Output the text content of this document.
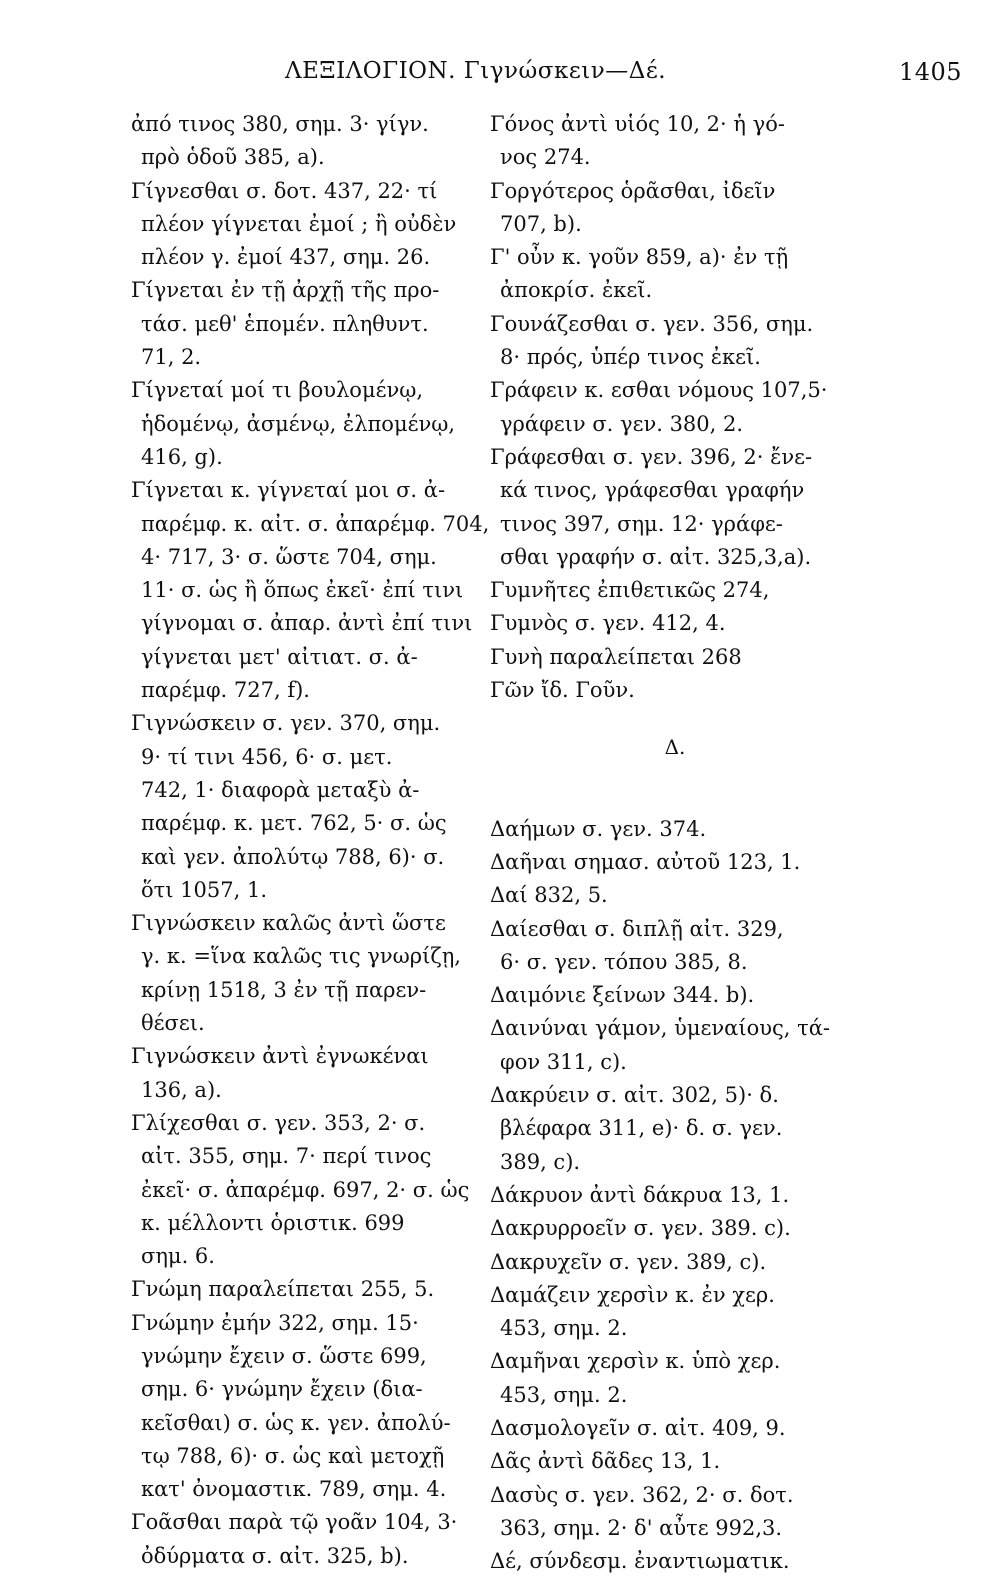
ΛΕΞΙΛΟΓΙΟΝ. Γιγνώσκειν—Δέ.	1405
ἀπό τινος 380, σημ. 3· γίγν.
πρὸ ὁδοῦ 385, a).
Γίγνεσθαι σ. δοτ. 437, 22· τί
πλέον γίγνεται ἐμοί ; ἢ οὐδὲν
πλέον γ. ἐμοί 437, σημ. 26.
Γίγνεται ἐν τῇ ἀρχῇ τῆς προ-
τάσ. μεθ' ἑπομέν. πληθυντ.
71, 2.
Γίγνεταί μοί τι βουλομένῳ,
ἡδομένῳ, ἀσμένῳ, ἐλπομένῳ,
416, g).
Γίγνεται κ. γίγνεταί μοι σ. ἀ-
παρέμφ. κ. αἰτ. σ. ἀπαρέμφ. 704,
4· 717, 3· σ. ὥστε 704, σημ.
11· σ. ὡς ἢ ὅπως ἐκεῖ· ἐπί τινι
γίγνομαι σ. ἀπαρ. ἀντὶ ἐπί τινι
γίγνεται μετ' αἰτιατ. σ. ἀ-
παρέμφ. 727, f).
Γιγνώσκειν σ. γεν. 370, σημ.
9· τί τινι 456, 6· σ. μετ.
742, 1· διαφορὰ μεταξὺ ἀ-
παρέμφ. κ. μετ. 762, 5· σ. ὡς
καὶ γεν. ἀπολύτῳ 788, 6)· σ.
ὅτι 1057, 1.
Γιγνώσκειν καλῶς ἀντὶ ὥστε
γ. κ. =ἵνα καλῶς τις γνωρίζῃ,
κρίνῃ 1518, 3 ἐν τῇ παρεν-
θέσει.
Γιγνώσκειν ἀντὶ ἐγνωκέναι
136, a).
Γλίχεσθαι σ. γεν. 353, 2· σ.
αἰτ. 355, σημ. 7· περί τινος
ἐκεῖ· σ. ἀπαρέμφ. 697, 2· σ. ὡς
κ. μέλλοντι ὁριστικ. 699
σημ. 6.
Γνώμη παραλείπεται 255, 5.
Γνώμην ἐμήν 322, σημ. 15·
γνώμην ἔχειν σ. ὥστε 699,
σημ. 6· γνώμην ἔχειν (δια-
κεῖσθαι) σ. ὡς κ. γεν. ἀπολύ-
τῳ 788, 6)· σ. ὡς καὶ μετοχῇ
κατ' ὀνομαστικ. 789, σημ. 4.
Γοᾶσθαι παρὰ τῷ γοᾶν 104, 3·
ὀδύρματα σ. αἰτ. 325, b).
Γόνος ἀντὶ υἱός 10, 2· ἡ γό-
νος 274.
Γοργότερος ὁρᾶσθαι, ἰδεῖν
707, b).
Γ' οὖν κ. γοῦν 859, a)· ἐν τῇ
ἀποκρίσ. ἐκεῖ.
Γουνάζεσθαι σ. γεν. 356, σημ.
8· πρός, ὑπέρ τινος ἐκεῖ.
Γράφειν κ. εσθαι νόμους 107,5·
γράφειν σ. γεν. 380, 2.
Γράφεσθαι σ. γεν. 396, 2· ἔνε-
κά τινος, γράφεσθαι γραφήν
τινος 397, σημ. 12· γράφε-
σθαι γραφήν σ. αἰτ. 325,3,a).
Γυμνῆτες ἐπιθετικῶς 274,
Γυμνὸς σ. γεν. 412, 4.
Γυνὴ παραλείπεται 268
Γῶν ἴδ. Γοῦν.
Δ.
Δαήμων σ. γεν. 374.
Δαῆναι σημασ. αὐτοῦ 123, 1.
Δαί 832, 5.
Δαίεσθαι σ. διπλῇ αἰτ. 329,
6· σ. γεν. τόπου 385, 8.
Δαιμόνιε ξείνων 344. b).
Δαινύναι γάμον, ὑμεναίους, τά-
φον 311, c).
Δακρύειν σ. αἰτ. 302, 5)· δ.
βλέφαρα 311, e)· δ. σ. γεν.
389, c).
Δάκρυον ἀντὶ δάκρυα 13, 1.
Δακρυρροεῖν σ. γεν. 389. c).
Δακρυχεῖν σ. γεν. 389, c).
Δαμάζειν χερσὶν κ. ἐν χερ.
453, σημ. 2.
Δαμῆναι χερσὶν κ. ὑπὸ χερ.
453, σημ. 2.
Δασμολογεῖν σ. αἰτ. 409, 9.
Δᾶς ἀντὶ δᾶδες 13, 1.
Δασὺς σ. γεν. 362, 2· σ. δοτ.
363, σημ. 2· δ' αὖτε 992,3.
Δέ, σύνδεσμ. ἐναντιωματικ.
